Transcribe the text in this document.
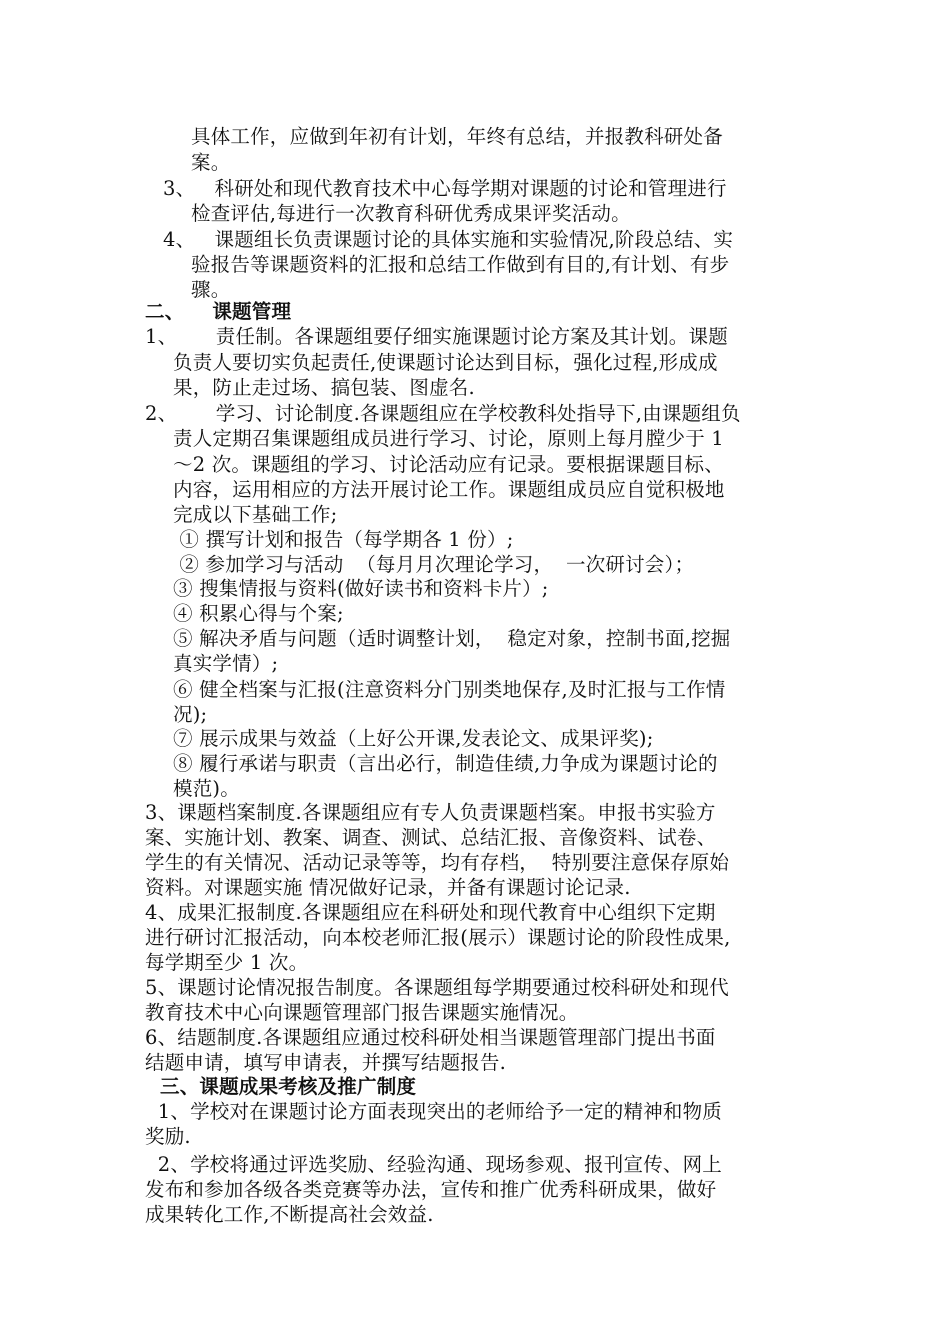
具体工作，应做到年初有计划，年终有总结，并报教科研处备
案。
3、   科研处和现代教育技术中心每学期对课题的讨论和管理进行
检查评估,每进行一次教育科研优秀成果评奖活动。
4、   课题组长负责课题讨论的具体实施和实验情况,阶段总结、实
验报告等课题资料的汇报和总结工作做到有目的,有计划、有步
骤。
二、    课题管理
1、      责任制。各课题组要仔细实施课题讨论方案及其计划。课题
负责人要切实负起责任,使课题讨论达到目标，强化过程,形成成
果，防止走过场、搞包装、图虚名.
2、      学习、讨论制度.各课题组应在学校教科处指导下,由课题组负
责人定期召集课题组成员进行学习、讨论，原则上每月膛少于 1
～2 次。课题组的学习、讨论活动应有记录。要根据课题目标、
内容，运用相应的方法开展讨论工作。课题组成员应自觉积极地
完成以下基础工作;
① 撰写计划和报告（每学期各 1 份）;
② 参加学习与活动  （每月月次理论学习，  一次研讨会）；
③ 搜集情报与资料(做好读书和资料卡片）;
④ 积累心得与个案;
⑤ 解决矛盾与问题（适时调整计划，  稳定对象，控制书面,挖掘
真实学情）;
⑥ 健全档案与汇报(注意资料分门别类地保存,及时汇报与工作情
况);
⑦ 展示成果与效益（上好公开课,发表论文、成果评奖);
⑧ 履行承诺与职责（言出必行，制造佳绩,力争成为课题讨论的
模范)。
3、课题档案制度.各课题组应有专人负责课题档案。申报书实验方
案、实施计划、教案、调查、测试、总结汇报、音像资料、试卷、
学生的有关情况、活动记录等等，均有存档，  特别要注意保存原始
资料。对课题实施 情况做好记录，并备有课题讨论记录.
4、成果汇报制度.各课题组应在科研处和现代教育中心组织下定期
进行研讨汇报活动，向本校老师汇报(展示）课题讨论的阶段性成果,
每学期至少 1 次。
5、课题讨论情况报告制度。各课题组每学期要通过校科研处和现代
教育技术中心向课题管理部门报告课题实施情况。
6、结题制度.各课题组应通过校科研处相当课题管理部门提出书面
结题申请，填写申请表，并撰写结题报告.
三、课题成果考核及推广制度
1、学校对在课题讨论方面表现突出的老师给予一定的精神和物质
奖励.
2、学校将通过评选奖励、经验沟通、现场参观、报刊宣传、网上
发布和参加各级各类竞赛等办法，宣传和推广优秀科研成果，做好
成果转化工作,不断提高社会效益.
